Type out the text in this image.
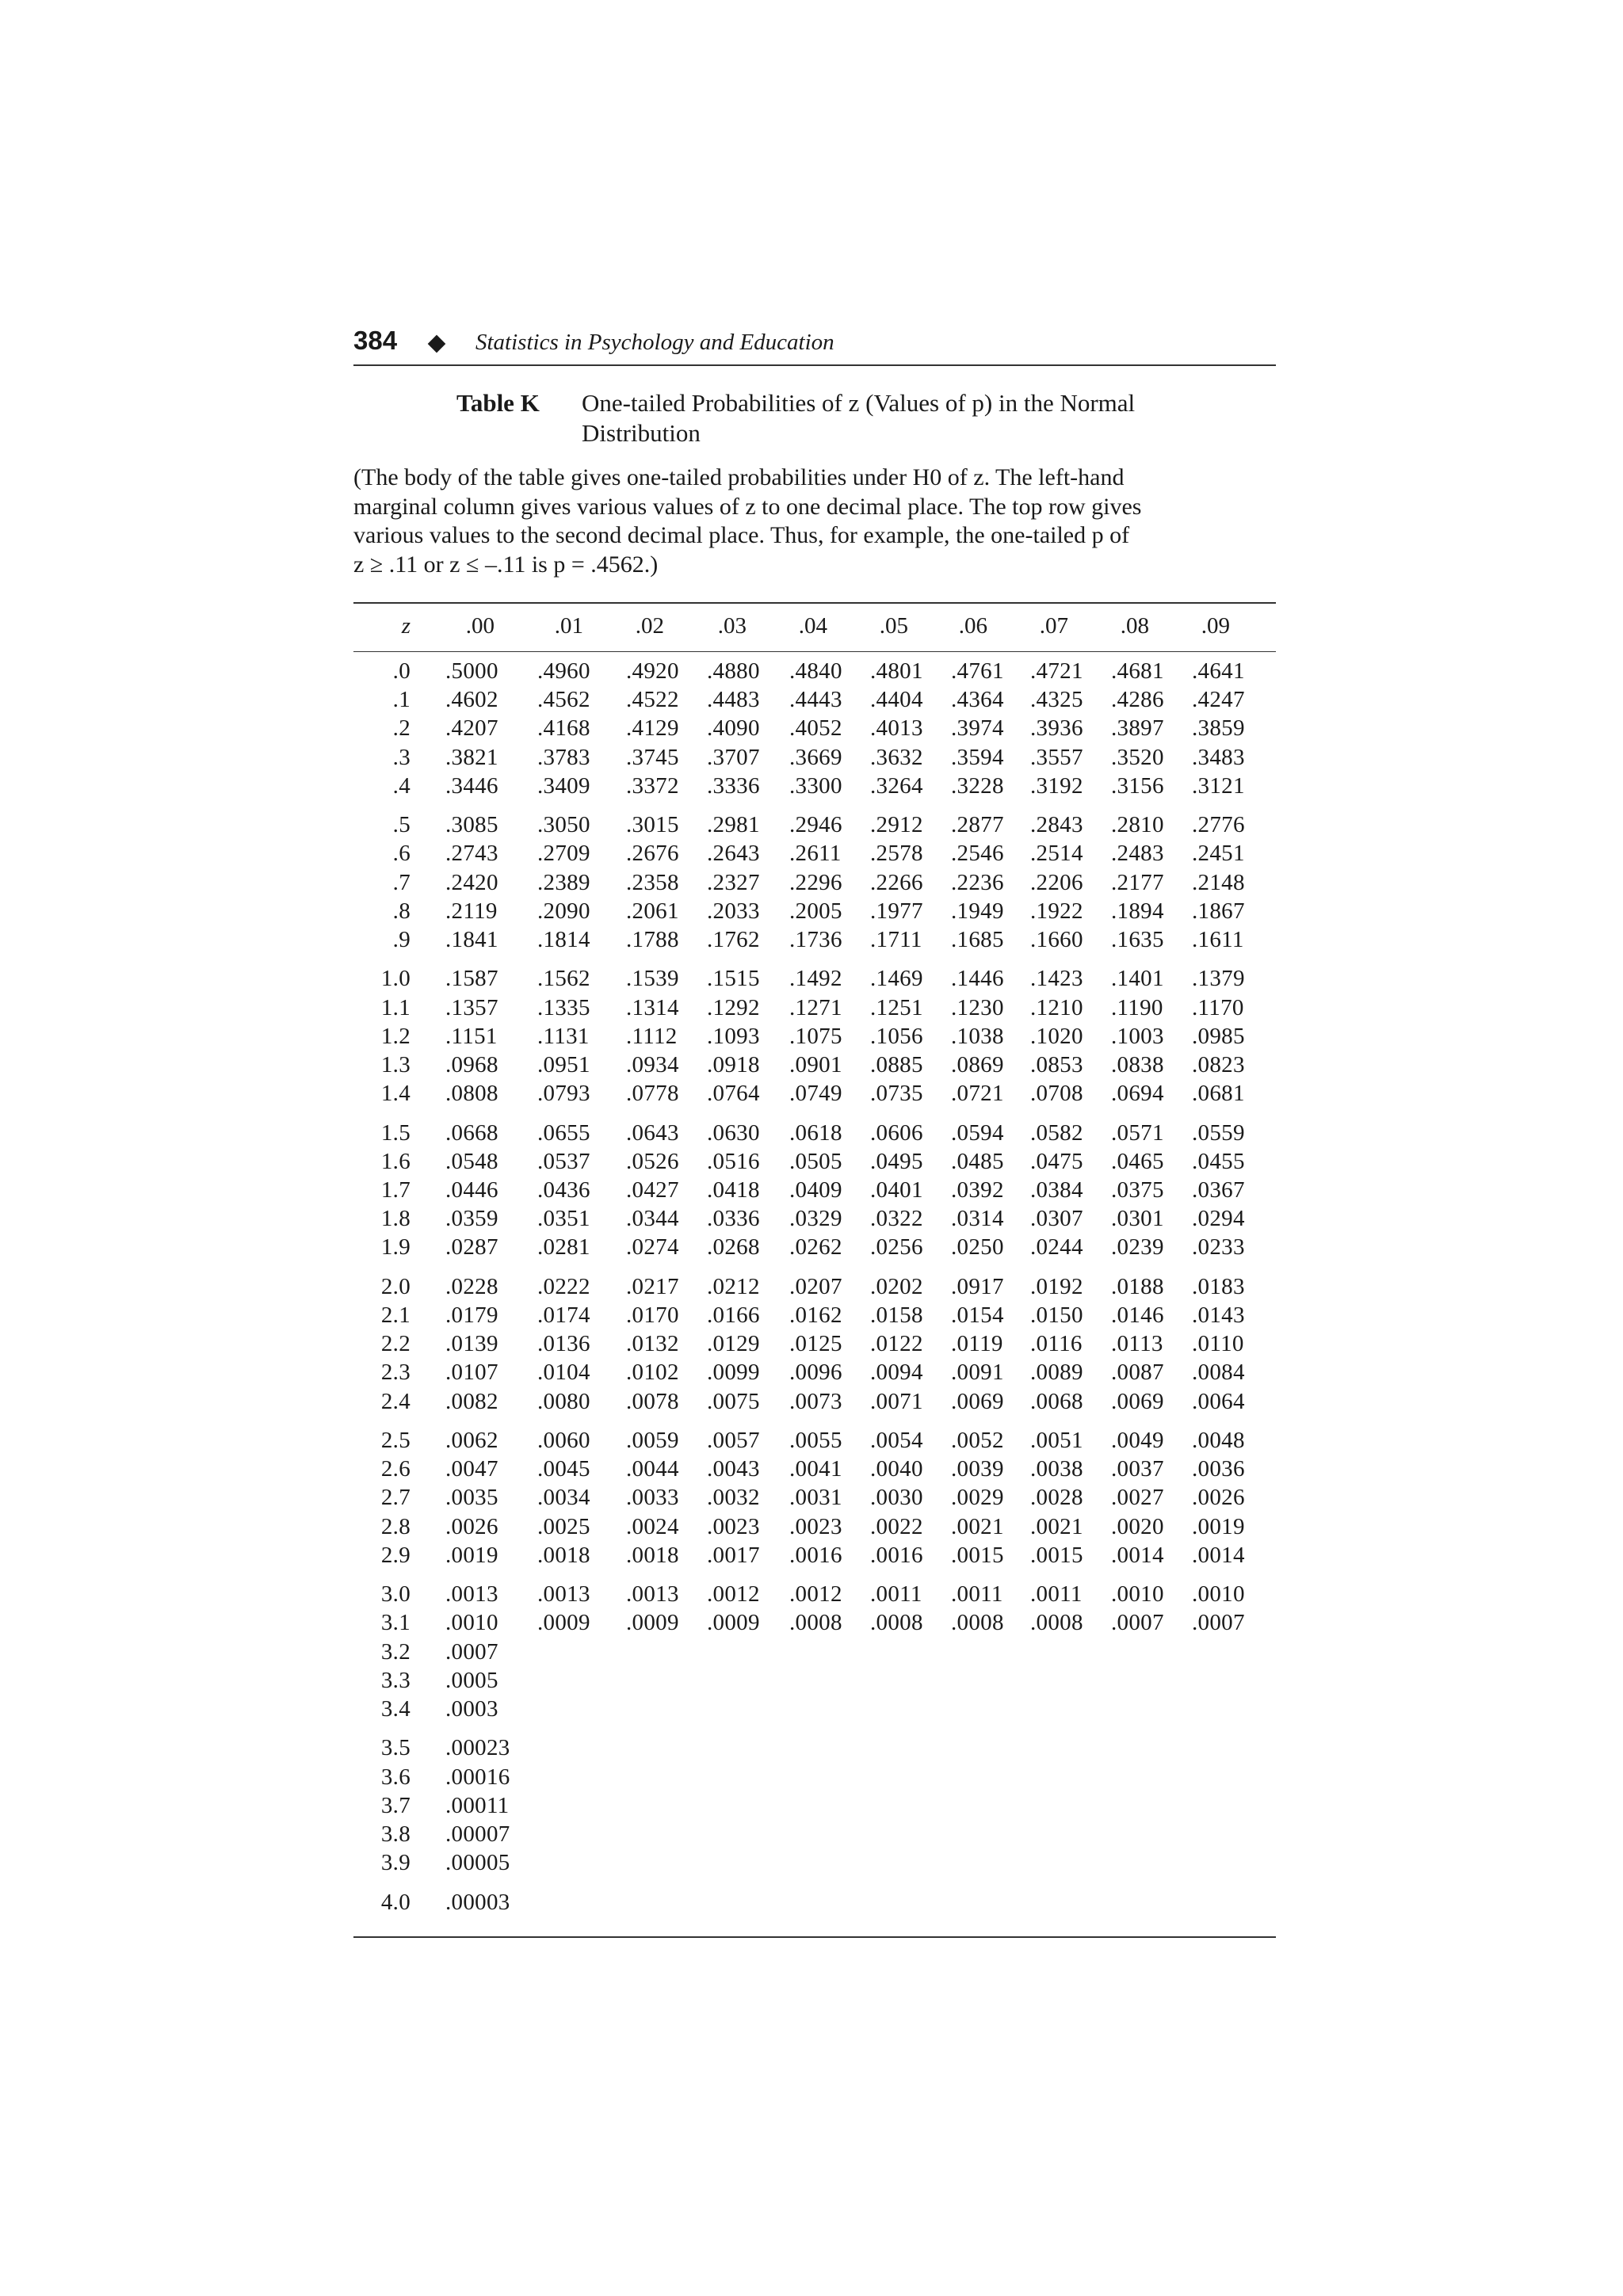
384	Statistics in Psychology and Education
Table K One-tailed Probabilities of z (Values of p) in the Normal Distribution
(The body of the table gives one-tailed probabilities under H0 of z. The left-hand
marginal column gives various values of z to one decimal place. The top row gives
various values to the second decimal place. Thus, for example, the one-tailed p of
z ≥ .11 or z ≤ –.11 is p = .4562.)
z .00	.01 .02 .03 .04 .05 .06 .07 .08 .09
.0 .5000 .4960 .4920 .4880 .4840 .4801 .4761 .4721 .4681 .4641
.1 .4602 .4562 .4522 .4483 .4443 .4404 .4364 .4325 .4286 .4247
.2 .4207 .4168 .4129 .4090 .4052 .4013 .3974 .3936 .3897 .3859
.3 .3821 .3783 .3745 .3707 .3669 .3632 .3594 .3557 .3520 .3483
.4 .3446 .3409 .3372 .3336 .3300 .3264 .3228 .3192 .3156 .3121
.5 .3085 .3050 .3015 .2981 .2946 .2912 .2877 .2843 .2810 .2776
.6 .2743 .2709 .2676 .2643 .2611 .2578 .2546 .2514 .2483 .2451
.7 .2420 .2389 .2358 .2327 .2296 .2266 .2236 .2206 .2177 .2148
.8 .2119 .2090 .2061 .2033 .2005 .1977 .1949 .1922 .1894 .1867
.9 .1841 .1814 .1788 .1762 .1736 .1711 .1685 .1660 .1635 .1611
1.0 .1587 .1562 .1539 .1515 .1492 .1469 .1446 .1423 .1401 .1379
1.1 .1357 .1335 .1314 .1292 .1271 .1251 .1230 .1210 .1190 .1170
1.2 .1151 .1131 .1112 .1093 .1075 .1056 .1038 .1020 .1003 .0985
1.3 .0968 .0951 .0934 .0918 .0901 .0885 .0869 .0853 .0838 .0823
1.4 .0808 .0793 .0778 .0764 .0749 .0735 .0721 .0708 .0694 .0681
1.5 .0668 .0655 .0643 .0630 .0618 .0606 .0594 .0582 .0571 .0559
1.6 .0548 .0537 .0526 .0516 .0505 .0495 .0485 .0475 .0465 .0455
1.7 .0446 .0436 .0427 .0418 .0409 .0401 .0392 .0384 .0375 .0367
1.8 .0359 .0351 .0344 .0336 .0329 .0322 .0314 .0307 .0301 .0294
1.9 .0287 .0281 .0274 .0268 .0262 .0256 .0250 .0244 .0239 .0233
2.0 .0228 .0222 .0217 .0212 .0207 .0202 .0917 .0192 .0188 .0183
2.1 .0179 .0174 .0170 .0166 .0162 .0158 .0154 .0150 .0146 .0143
2.2 .0139 .0136 .0132 .0129 .0125 .0122 .0119 .0116 .0113 .0110
2.3 .0107 .0104 .0102 .0099 .0096 .0094 .0091 .0089 .0087 .0084
2.4 .0082 .0080 .0078 .0075 .0073 .0071 .0069 .0068 .0069 .0064
2.5 .0062 .0060 .0059 .0057 .0055 .0054 .0052 .0051 .0049 .0048
2.6 .0047 .0045 .0044 .0043 .0041 .0040 .0039 .0038 .0037 .0036
2.7 .0035 .0034 .0033 .0032 .0031 .0030 .0029 .0028 .0027 .0026
2.8 .0026 .0025 .0024 .0023 .0023 .0022 .0021 .0021 .0020 .0019
2.9 .0019 .0018 .0018 .0017 .0016 .0016 .0015 .0015 .0014 .0014
3.0 .0013 .0013 .0013 .0012 .0012 .0011 .0011 .0011 .0010 .0010
3.1 .0010 .0009 .0009 .0009 .0008 .0008 .0008 .0008 .0007 .0007
3.2 .0007
3.3 .0005
3.4 .0003
3.5 .00023
3.6 .00016
3.7 .00011
3.8 .00007
3.9 .00005
4.0 .00003
